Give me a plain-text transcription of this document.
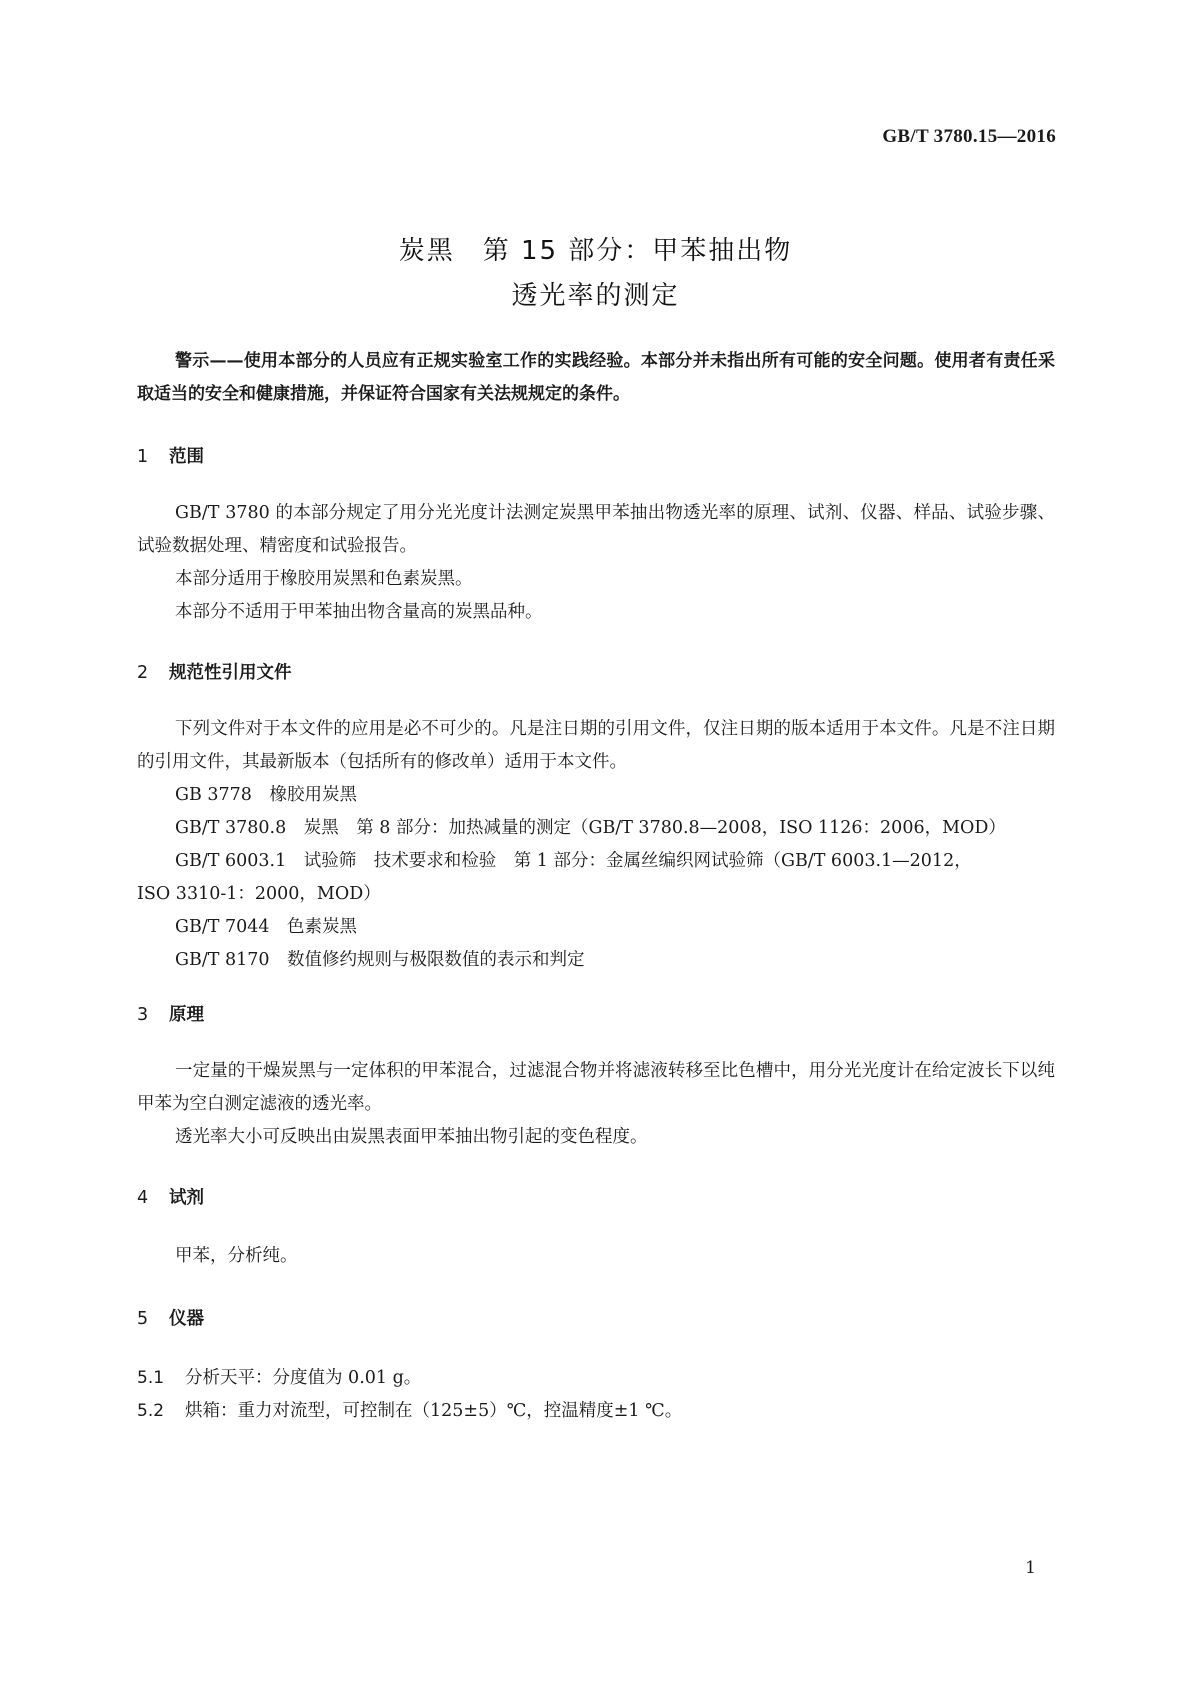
GB/T 3780.15—2016
炭黑　第 15 部分：甲苯抽出物
透光率的测定
警示——使用本部分的人员应有正规实验室工作的实践经验。本部分并未指出所有可能的安全问题。使用者有责任采取适当的安全和健康措施，并保证符合国家有关法规规定的条件。
1 范围
GB/T 3780 的本部分规定了用分光光度计法测定炭黑甲苯抽出物透光率的原理、试剂、仪器、样品、试验步骤、试验数据处理、精密度和试验报告。
本部分适用于橡胶用炭黑和色素炭黑。
本部分不适用于甲苯抽出物含量高的炭黑品种。
2 规范性引用文件
下列文件对于本文件的应用是必不可少的。凡是注日期的引用文件，仅注日期的版本适用于本文件。凡是不注日期的引用文件，其最新版本（包括所有的修改单）适用于本文件。
GB 3778　橡胶用炭黑
GB/T 3780.8　炭黑　第 8 部分：加热减量的测定（GB/T 3780.8—2008，ISO 1126：2006，MOD）
GB/T 6003.1　试验筛　技术要求和检验　第 1 部分：金属丝编织网试验筛（GB/T 6003.1—2012，
ISO 3310-1：2000，MOD）
GB/T 7044　色素炭黑
GB/T 8170　数值修约规则与极限数值的表示和判定
3 原理
一定量的干燥炭黑与一定体积的甲苯混合，过滤混合物并将滤液转移至比色槽中，用分光光度计在给定波长下以纯甲苯为空白测定滤液的透光率。
透光率大小可反映出由炭黑表面甲苯抽出物引起的变色程度。
4 试剂
甲苯，分析纯。
5 仪器
5.1 分析天平：分度值为 0.01 g。
5.2 烘箱：重力对流型，可控制在（125±5）℃，控温精度±1 ℃。
1
